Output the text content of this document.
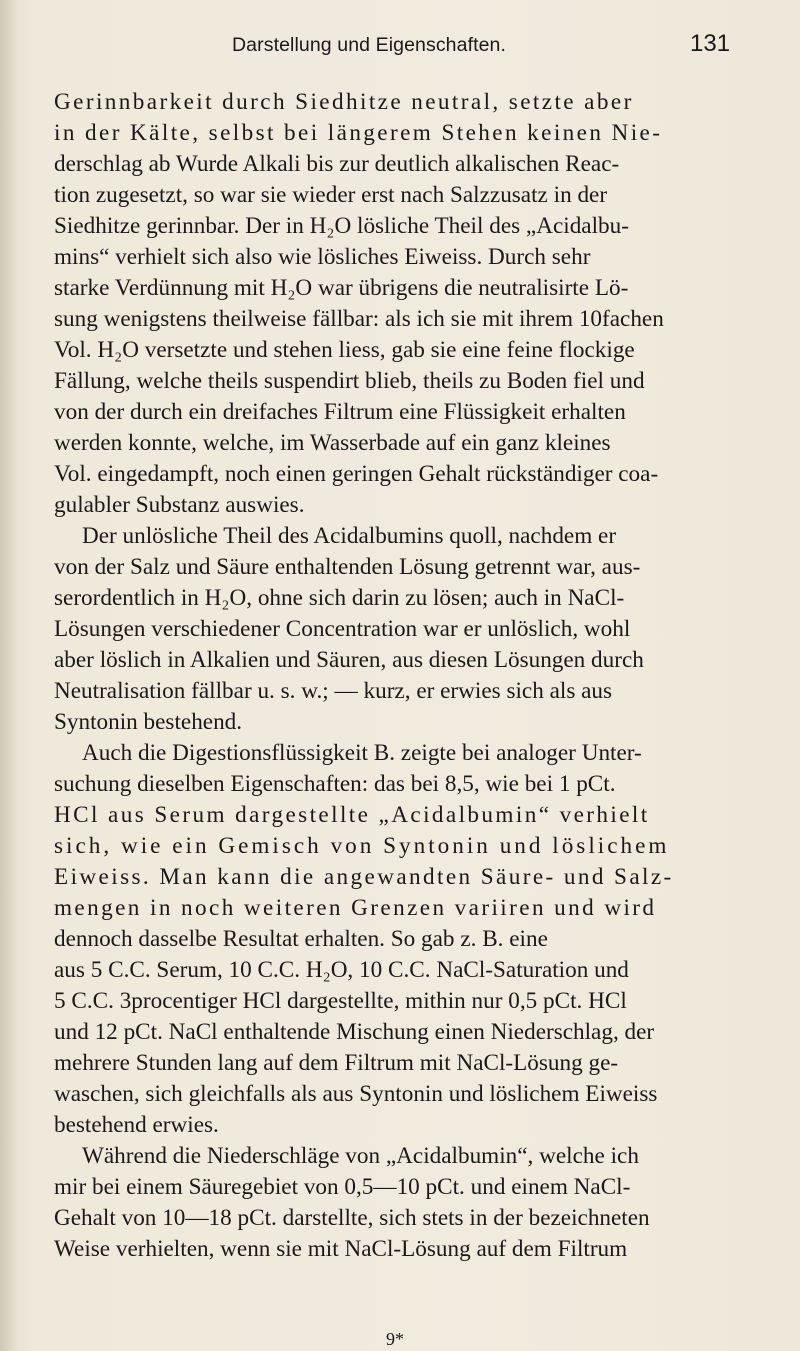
Darstellung und Eigenschaften.	131
Gerinnbarkeit durch Siedhitze neutral, setzte aber
in der Kälte, selbst bei längerem Stehen keinen Nie-
derschlag ab Wurde Alkali bis zur deutlich alkalischen Reac-
tion zugesetzt, so war sie wieder erst nach Salzzusatz in der
Siedhitze gerinnbar. Der in H₂O lösliche Theil des „Acidalbu-
mins“ verhielt sich also wie lösliches Eiweiss. Durch sehr
starke Verdünnung mit H₂O war übrigens die neutralisirte Lö-
sung wenigstens theilweise fällbar: als ich sie mit ihrem 10fachen
Vol. H₂O versetzte und stehen liess, gab sie eine feine flockige
Fällung, welche theils suspendirt blieb, theils zu Boden fiel und
von der durch ein dreifaches Filtrum eine Flüssigkeit erhalten
werden konnte, welche, im Wasserbade auf ein ganz kleines
Vol. eingedampft, noch einen geringen Gehalt rückständiger coa-
gulabler Substanz auswies.
Der unlösliche Theil des Acidalbumins quoll, nachdem er
von der Salz und Säure enthaltenden Lösung getrennt war, aus-
serordentlich in H₂O, ohne sich darin zu lösen; auch in NaCl-
Lösungen verschiedener Concentration war er unlöslich, wohl
aber löslich in Alkalien und Säuren, aus diesen Lösungen durch
Neutralisation fällbar u. s. w.; — kurz, er erwies sich als aus
Syntonin bestehend.
Auch die Digestionsflüssigkeit B. zeigte bei analoger Unter-
suchung dieselben Eigenschaften: das bei 8,5, wie bei 1 pCt.
HCl aus Serum dargestellte „Acidalbumin“ verhielt
sich, wie ein Gemisch von Syntonin und löslichem
Eiweiss. Man kann die angewandten Säure- und Salz-
mengen in noch weiteren Grenzen variiren und wird
dennoch dasselbe Resultat erhalten. So gab z. B. eine
aus 5 C.C. Serum, 10 C.C. H₂O, 10 C.C. NaCl-Saturation und
5 C.C. 3procentiger HCl dargestellte, mithin nur 0,5 pCt. HCl
und 12 pCt. NaCl enthaltende Mischung einen Niederschlag, der
mehrere Stunden lang auf dem Filtrum mit NaCl-Lösung ge-
waschen, sich gleichfalls als aus Syntonin und löslichem Eiweiss
bestehend erwies.
Während die Niederschläge von „Acidalbumin“, welche ich
mir bei einem Säuregebiet von 0,5—10 pCt. und einem NaCl-
Gehalt von 10—18 pCt. darstellte, sich stets in der bezeichneten
Weise verhielten, wenn sie mit NaCl-Lösung auf dem Filtrum
9*
